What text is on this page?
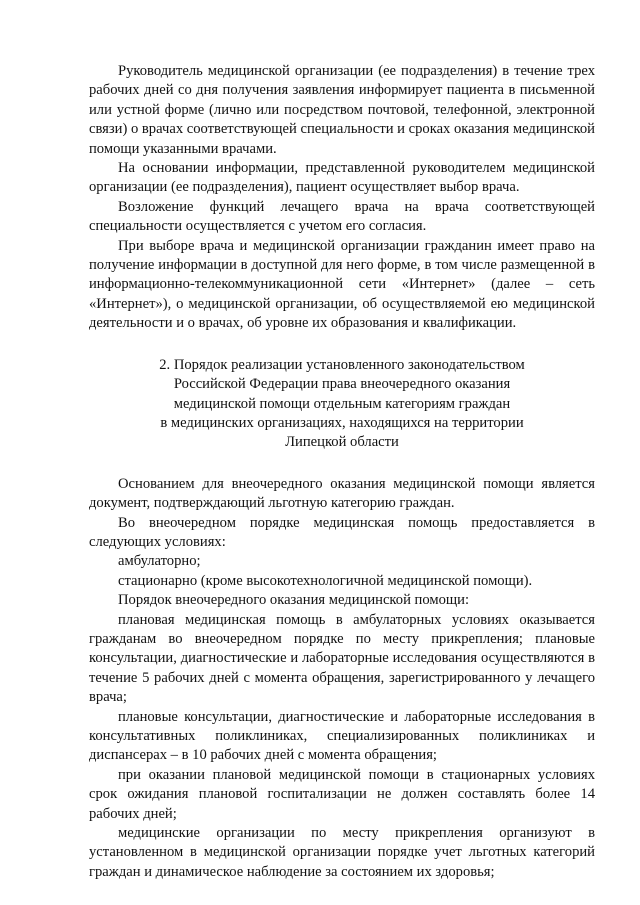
Руководитель медицинской организации (ее подразделения) в течение трех рабочих дней со дня получения заявления информирует пациента в письменной или устной форме (лично или посредством почтовой, телефонной, электронной связи) о врачах соответствующей специальности и сроках оказания медицинской помощи указанными врачами.

На основании информации, представленной руководителем медицинской организации (ее подразделения), пациент осуществляет выбор врача.

Возложение функций лечащего врача на врача соответствующей специальности осуществляется с учетом его согласия.

При выборе врача и медицинской организации гражданин имеет право на получение информации в доступной для него форме, в том числе размещенной в информационно-телекоммуникационной сети «Интернет» (далее – сеть «Интернет»), о медицинской организации, об осуществляемой ею медицинской деятельности и о врачах, об уровне их образования и квалификации.

2. Порядок реализации установленного законодательством
Российской Федерации права внеочередного оказания
медицинской помощи отдельным категориям граждан
в медицинских организациях, находящихся на территории
Липецкой области

Основанием для внеочередного оказания медицинской помощи является документ, подтверждающий льготную категорию граждан.

Во внеочередном порядке медицинская помощь предоставляется в следующих условиях:

амбулаторно;

стационарно (кроме высокотехнологичной медицинской помощи).

Порядок внеочередного оказания медицинской помощи:

плановая медицинская помощь в амбулаторных условиях оказывается гражданам во внеочередном порядке по месту прикрепления; плановые консультации, диагностические и лабораторные исследования осуществляются в течение 5 рабочих дней с момента обращения, зарегистрированного у лечащего врача;

плановые консультации, диагностические и лабораторные исследования в консультативных поликлиниках, специализированных поликлиниках и диспансерах – в 10 рабочих дней с момента обращения;

при оказании плановой медицинской помощи в стационарных условиях срок ожидания плановой госпитализации не должен составлять более 14 рабочих дней;

медицинские организации по месту прикрепления организуют в установленном в медицинской организации порядке учет льготных категорий граждан и динамическое наблюдение за состоянием их здоровья;
